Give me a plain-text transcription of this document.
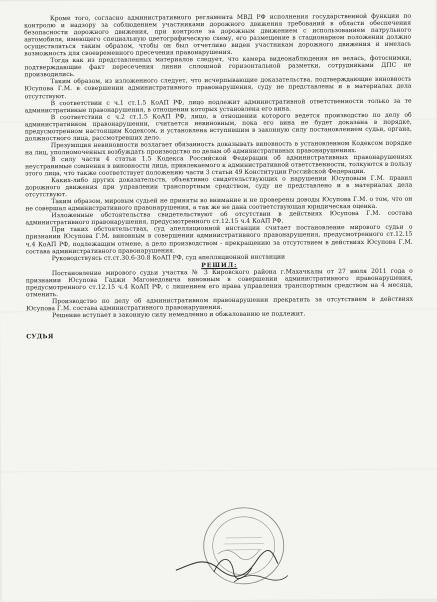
Кроме того, согласно административного регламента МВД РФ исполнения государственной функции по контролю и надзору за соблюдением участниками дорожного движения требований в области обеспечения безопасности дорожного движения, при контроле за дорожным движением с использованием патрульного автомобиля, имеющего специальную цветографическую схему, его размещение в стационарном положении должно осуществляться таким образом, чтобы он был отчетливо виден участникам дорожного движения и имелась возможность для своевременного пресечения правонарушения.

Тогда как из представленных материалов следует, что камера видеонаблюдения не велась, фотоснимки, подтверждающие факт пересечения линии сплошной горизонтальной разметки, сотрудниками ДПС не производились.

Таким образом, из изложенного следует, что исчерпывающие доказательства, подтверждающие виновность Юсупова Г.М. в совершении административного правонарушения, суду не представлены и в материалах дела отсутствуют.

В соответствии с ч.1 ст.1.5 КоАП РФ, лицо подлежит административной ответственности только за те административные правонарушения, в отношении которых установлена его вина.

В соответствии с ч.2 ст.1.5 КоАП РФ, лицо, в отношении которого ведется производство по делу об административном правонарушении, считается невиновным, пока его вина не будет доказана в порядке, предусмотренном настоящим Кодексом, и установлена вступившим в законную силу постановлением судьи, органа, должностного лица, рассмотревших дело.

Презумпция невиновности возлагает обязанность доказывать виновность в установленном Кодексом порядке на лиц, уполномоченных возбуждать производство по делам об административных правонарушениях.

В силу части 4 статьи 1.5 Кодекса Российской Федерации об административных правонарушениях неустранимые сомнения в виновности лица, привлекаемого к административной ответственности, толкуются в пользу этого лица, что также соответствует положению части 3 статьи 49 Конституции Российской Федерации.

Каких-либо других доказательств, объективно свидетельствующих о нарушении Юсуповым Г.М. правил дорожного движения при управлении транспортным средством, суду не представлено и в материалах дела отсутствуют.

Таким образом, мировым судьей не приняты во внимание и не проверены доводы Юсупова Г.М. о том, что он не совершал административного правонарушения, а так же не дана соответствующая юридическая оценка.

Изложенные обстоятельства свидетельствуют об отсутствии в действиях Юсупова Г.М. состава административного правонарушения, предусмотренного ст.12.15 ч.4 КоАП РФ.

При таких обстоятельствах, суд апелляционной инстанции считает постановление мирового судьи о признании Юсупова Г.М. виновным в совершении административного правонарушения, предусмотренного ст.12.15 ч.4 КоАП РФ, подлежащим отмене, а дело производством - прекращению за отсутствием в действиях Юсупова Г.М. состава административного правонарушения.

Руководствуясь ст.ст.30.6-30.8 КоАП РФ, суд апелляционной инстанции

РЕШИЛ:

Постановление мирового судьи участка № 3 Кировского района г.Махачкалы от 27 июля 2011 года о признании Юсупова Гаджи Магомедовича виновным в совершении административного правонарушения, предусмотренного ст.12.15 ч.4 КоАП РФ, с лишением его права управления транспортным средством на 4 месяца, отменить.

Производство по делу об административном правонарушении прекратить за отсутствием в действиях Юсупова Г.М. состава административного правонарушения.

Решение вступает в законную силу немедленно и обжалованию не подлежит.

СУДЬЯ
